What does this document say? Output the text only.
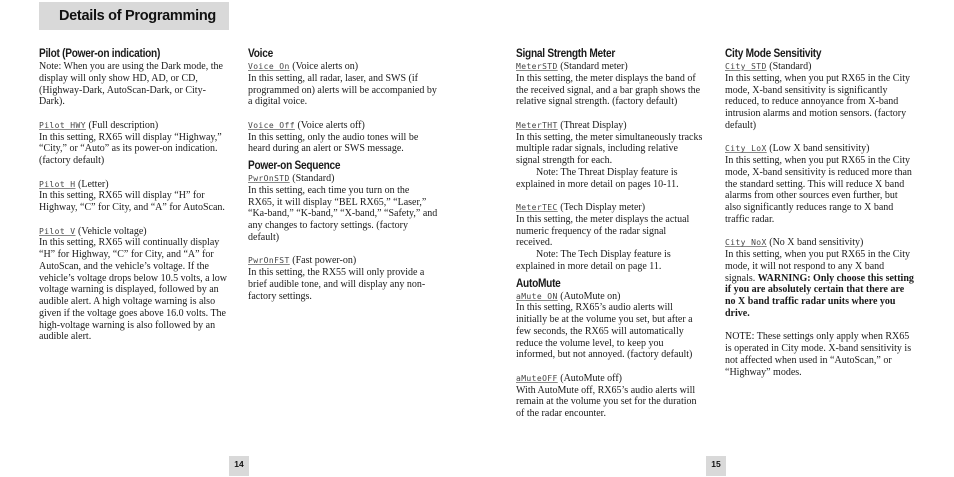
Details of Programming

Pilot (Power-on indication)

Note: When you are using the Dark mode, the display will only show HD, AD, or CD, (Highway-Dark, AutoScan-Dark, or City-Dark).

Pilot HWY (Full description)

In this setting, RX65 will display “Highway,” “City,” or “Auto” as its power-on indication. (factory default)

Pilot H (Letter)

In this setting, RX65 will display “H” for Highway, “C” for City, and “A” for AutoScan.

Pilot V (Vehicle voltage)

In this setting, RX65 will continually display “H” for Highway, “C” for City, and “A” for AutoScan, and the vehicle’s voltage. If the vehicle’s voltage drops below 10.5 volts, a low voltage warning is displayed, followed by an audible alert. A high voltage warning is also given if the voltage goes above 16.0 volts. The high-voltage warning is also followed by an audible alert.

Voice

Voice On (Voice alerts on)

In this setting, all radar, laser, and SWS (if programmed on) alerts will be accompanied by a digital voice.

Voice Off (Voice alerts off)

In this setting, only the audio tones will be heard during an alert or SWS message.

Power-on Sequence

PwrOnSTD (Standard)

In this setting, each time you turn on the RX65, it will display “BEL RX65,” “Laser,” “Ka-band,” “K-band,” “X-band,” “Safety,” and any changes to factory settings. (factory default)

PwrOnFST (Fast power-on)

In this setting, the RX55 will only provide a brief audible tone, and will display any non-factory settings.

Signal Strength Meter

MeterSTD (Standard meter)

In this setting, the meter displays the band of the received signal, and a bar graph shows the relative signal strength. (factory default)

MeterTHT (Threat Display)

In this setting, the meter simultaneously tracks multiple radar signals, including relative signal strength for each.

Note: The Threat Display feature is explained in more detail on pages 10-11.

MeterTEC (Tech Display meter)

In this setting, the meter displays the actual numeric frequency of the radar signal received.

Note: The Tech Display feature is explained in more detail on page 11.

AutoMute

aMute ON (AutoMute on)

In this setting, RX65’s audio alerts will initially be at the volume you set, but after a few seconds, the RX65 will automatically reduce the volume level, to keep you informed, but not annoyed. (factory default)

aMuteOFF (AutoMute off)

With AutoMute off, RX65’s audio alerts will remain at the volume you set for the duration of the radar encounter.

City Mode Sensitivity

City STD (Standard)

In this setting, when you put RX65 in the City mode, X-band sensitivity is significantly reduced, to reduce annoyance from X-band intrusion alarms and motion sensors. (factory default)

City LoX (Low X band sensitivity)

In this setting, when you put RX65 in the City mode, X-band sensitivity is reduced more than the standard setting. This will reduce X band alarms from other sources even further, but also significantly reduces range to X band traffic radar.

City NoX (No X band sensitivity)

In this setting, when you put RX65 in the City mode, it will not respond to any X band signals. WARNING: Only choose this setting if you are absolutely certain that there are no X band traffic radar units where you drive.

NOTE: These settings only apply when RX65 is operated in City mode. X-band sensitivity is not affected when used in “AutoScan,” or “Highway” modes.

14	15
